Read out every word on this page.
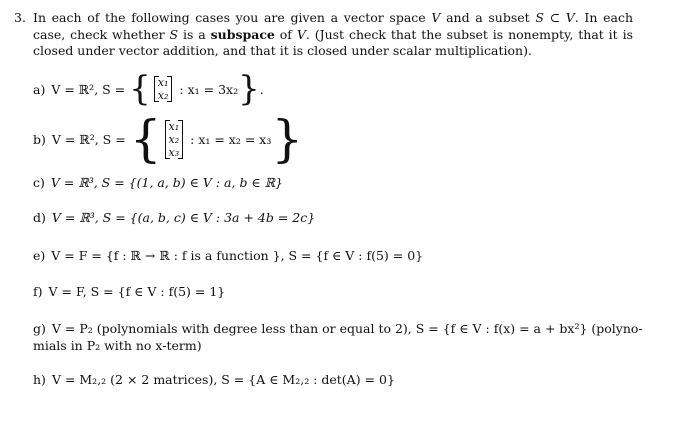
3. In each of the following cases you are given a vector space V and a subset S ⊂ V. In each case, check whether S is a subspace of V. (Just check that the subset is nonempty, that it is closed under vector addition, and that it is closed under scalar multiplication).
a) V = ℝ², S = { x₁
x₂ : x₁ = 3x₂ } .
b) V = ℝ², S = { x₁
x₂
x₃
: x₁ = x₂ = x₃ }
c) V = ℝ³, S = {(1, a, b) ∈ V : a, b ∈ ℝ}
d) V = ℝ³, S = {(a, b, c) ∈ V : 3a + 4b = 2c}
e) V = F = {f : ℝ → ℝ : f is a function }, S = {f ∈ V : f(5) = 0}
f) V = F, S = {f ∈ V : f(5) = 1}
g) V = P₂ (polynomials with degree less than or equal to 2), S = {f ∈ V : f(x) = a + bx²} (polyno-
mials in P₂ with no x-term)
h) V = M₂,₂ (2 × 2 matrices), S = {A ∈ M₂,₂ : det(A) = 0}
